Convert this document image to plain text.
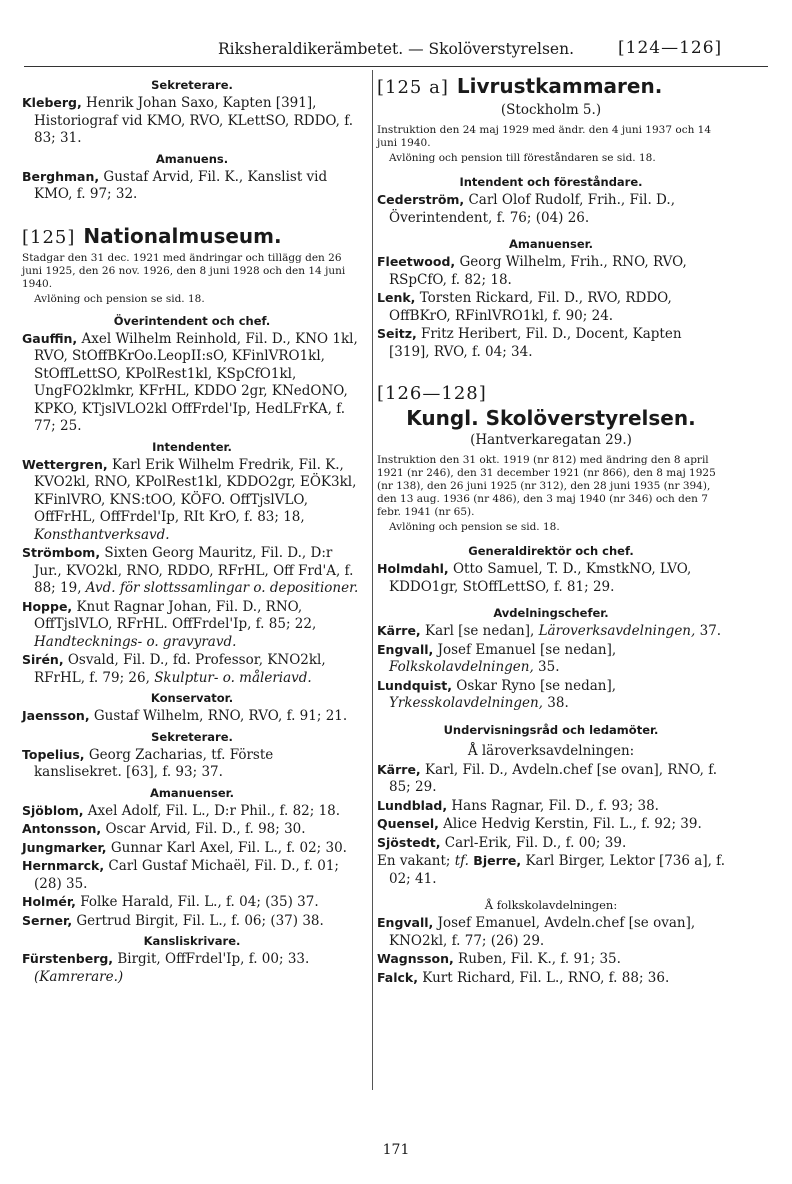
Riksheraldikerämbetet. — Skolöverstyrelsen.	[124—126]
Sekreterare.

Kleberg, Henrik Johan Saxo, Kapten [391], Historiograf vid KMO, RVO, KLettSO, RDDO, f. 83; 31.

Amanuens.

Berghman, Gustaf Arvid, Fil. K., Kanslist vid KMO, f. 97; 32.

[125] Nationalmuseum.

Stadgar den 31 dec. 1921 med ändringar och tillägg den 26 juni 1925, den 26 nov. 1926, den 8 juni 1928 och den 14 juni 1940.

Avlöning och pension se sid. 18.

Överintendent och chef.

Gauffin, Axel Wilhelm Reinhold, Fil. D., KNO 1kl, RVO, StOffBKrOo.LeopII:sO, KFinlVRO1kl, StOffLettSO, KPolRest1kl, KSpCfO1kl, UngFO2klmkr, KFrHL, KDDO 2gr, KNedONO, KPKO, KTjslVLO2kl OffFrdel'Ip, HedLFrKA, f. 77; 25.

Intendenter.

Wettergren, Karl Erik Wilhelm Fredrik, Fil. K., KVO2kl, RNO, KPolRest1kl, KDDO2gr, EÖK3kl, KFinlVRO, KNS:tOO, KÖFO. OffTjslVLO, OffFrHL, OffFrdel'Ip, RIt KrO, f. 83; 18, Konsthantverksavd.

Strömbom, Sixten Georg Mauritz, Fil. D., D:r Jur., KVO2kl, RNO, RDDO, RFrHL, Off Frd'A, f. 88; 19, Avd. för slottssamlingar o. depositioner.

Hoppe, Knut Ragnar Johan, Fil. D., RNO, OffTjslVLO, RFrHL. OffFrdel'Ip, f. 85; 22, Handtecknings- o. gravyravd.

Sirén, Osvald, Fil. D., fd. Professor, KNO2kl, RFrHL, f. 79; 26, Skulptur- o. måleriavd.

Konservator.

Jaensson, Gustaf Wilhelm, RNO, RVO, f. 91; 21.

Sekreterare.

Topelius, Georg Zacharias, tf. Förste kanslisekret. [63], f. 93; 37.

Amanuenser.

Sjöblom, Axel Adolf, Fil. L., D:r Phil., f. 82; 18.

Antonsson, Oscar Arvid, Fil. D., f. 98; 30.

Jungmarker, Gunnar Karl Axel, Fil. L., f. 02; 30.

Hernmarck, Carl Gustaf Michaël, Fil. D., f. 01; (28) 35.

Holmér, Folke Harald, Fil. L., f. 04; (35) 37.

Serner, Gertrud Birgit, Fil. L., f. 06; (37) 38.

Kansliskrivare.

Fürstenberg, Birgit, OffFrdel'Ip, f. 00; 33.
(Kamrerare.)

[125 a] Livrustkammaren.
(Stockholm 5.)

Instruktion den 24 maj 1929 med ändr. den 4 juni 1937 och 14 juni 1940.

Avlöning och pension till föreståndaren se sid. 18.

Intendent och föreståndare.

Cederström, Carl Olof Rudolf, Frih., Fil. D., Överintendent, f. 76; (04) 26.

Amanuenser.

Fleetwood, Georg Wilhelm, Frih., RNO, RVO, RSpCfO, f. 82; 18.

Lenk, Torsten Rickard, Fil. D., RVO, RDDO, OffBKrO, RFinlVRO1kl, f. 90; 24.

Seitz, Fritz Heribert, Fil. D., Docent, Kapten [319], RVO, f. 04; 34.

[126—128]
Kungl. Skolöverstyrelsen.
(Hantverkaregatan 29.)

Instruktion den 31 okt. 1919 (nr 812) med ändring den 8 april 1921 (nr 246), den 31 december 1921 (nr 866), den 8 maj 1925 (nr 138), den 26 juni 1925 (nr 312), den 28 juni 1935 (nr 394), den 13 aug. 1936 (nr 486), den 3 maj 1940 (nr 346) och den 7 febr. 1941 (nr 65).

Avlöning och pension se sid. 18.

Generaldirektör och chef.

Holmdahl, Otto Samuel, T. D., KmstkNO, LVO, KDDO1gr, StOffLettSO, f. 81; 29.

Avdelningschefer.

Kärre, Karl [se nedan], Läroverksavdelningen, 37.

Engvall, Josef Emanuel [se nedan], Folkskolavdelningen, 35.

Lundquist, Oskar Ryno [se nedan], Yrkesskolavdelningen, 38.

Undervisningsråd och ledamöter.
Å läroverksavdelningen:

Kärre, Karl, Fil. D., Avdeln.chef [se ovan], RNO, f. 85; 29.

Lundblad, Hans Ragnar, Fil. D., f. 93; 38.

Quensel, Alice Hedvig Kerstin, Fil. L., f. 92; 39.

Sjöstedt, Carl-Erik, Fil. D., f. 00; 39.

En vakant; tf. Bjerre, Karl Birger, Lektor [736 a], f. 02; 41.

Å folkskolavdelningen:

Engvall, Josef Emanuel, Avdeln.chef [se ovan], KNO2kl, f. 77; (26) 29.

Wagnsson, Ruben, Fil. K., f. 91; 35.

Falck, Kurt Richard, Fil. L., RNO, f. 88; 36.

171
